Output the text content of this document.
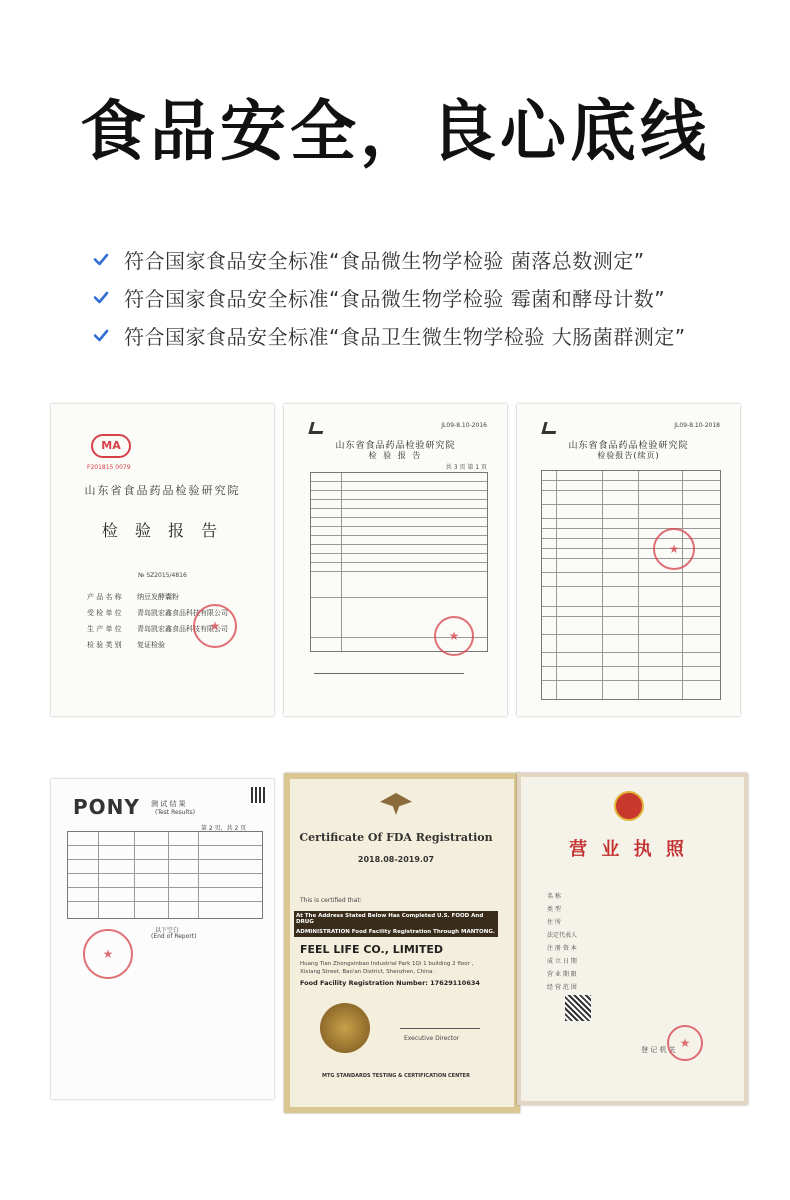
食品安全，良心底线
符合国家食品安全标准“食品微生物学检验 菌落总数测定”
符合国家食品安全标准“食品微生物学检验 霉菌和酵母计数”
符合国家食品安全标准“食品卫生微生物学检验 大肠菌群测定”
MA
F201815 0079
山东省食品药品检验研究院
检 验 报 告
№ SZ2015/4816
产 品 名 称	纳豆发酵囊粉
受 检 单 位	青岛凯宏鑫食品科技有限公司
生 产 单 位	青岛凯宏鑫食品科技有限公司
检 验 类 别	复证检验
★
JL09-8.10-2016
山东省食品药品检验研究院
检 验 报 告
共 3 页 第 1 页
★
JL09-8.10-2018
山东省食品药品检验研究院
检验报告(续页)
★
PONY 测 试 结 果
(Test Results)
第 2 页，共 2 页
以下空白
(End of Report)
★
Certificate Of FDA Registration
2018.08-2019.07
This is certified that:
At The Address Stated Below Has Completed U.S. FOOD And DRUG
ADMINISTRATION Food Facility Registration Through MANTONG.
FEEL LIFE CO., LIMITED
Huang Tian Zhongxinbao Industrial Park 1Qi 1 building 2 floor ,
Xixiang Street, Bao'an District, Shenzhen, China.
Food Facility Registration Number: 17629110634
Executive Director
MTG STANDARDS TESTING & CERTIFICATION CENTER
营 业 执 照
名 称
类 型
住 所
法定代表人
注 册 资 本
成 立 日 期
营 业 期 限
经 营 范 围
登 记 机 关
★
